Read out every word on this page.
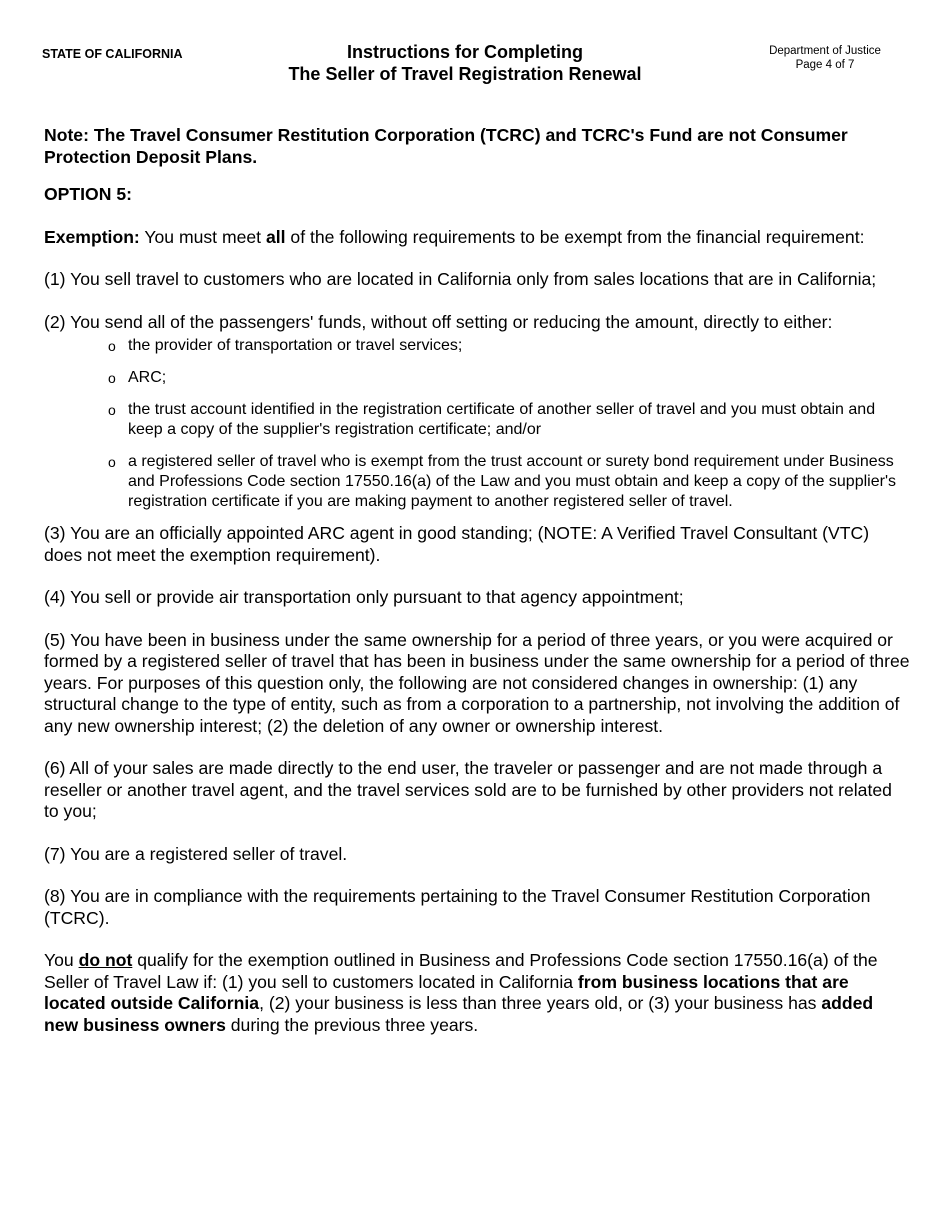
STATE OF CALIFORNIA	Instructions for Completing
The Seller of Travel Registration Renewal
Department of Justice
Page 4 of 7

Note: The Travel Consumer Restitution Corporation (TCRC) and TCRC's Fund are not Consumer Protection Deposit Plans.

OPTION 5:

Exemption: You must meet all of the following requirements to be exempt from the financial requirement:

(1) You sell travel to customers who are located in California only from sales locations that are in California;

(2) You send all of the passengers' funds, without off setting or reducing the amount, directly to either:

o the provider of transportation or travel services;
o ARC;
o the trust account identified in the registration certificate of another seller of travel and you must obtain and keep a copy of the supplier's registration certificate; and/or
o a registered seller of travel who is exempt from the trust account or surety bond requirement under Business and Professions Code section 17550.16(a) of the Law and you must obtain and keep a copy of the supplier's registration certificate if you are making payment to another registered seller of travel.

(3) You are an officially appointed ARC agent in good standing; (NOTE: A Verified Travel Consultant (VTC) does not meet the exemption requirement).

(4) You sell or provide air transportation only pursuant to that agency appointment;

(5) You have been in business under the same ownership for a period of three years, or you were acquired or formed by a registered seller of travel that has been in business under the same ownership for a period of three years. For purposes of this question only, the following are not considered changes in ownership: (1) any structural change to the type of entity, such as from a corporation to a partnership, not involving the addition of any new ownership interest; (2) the deletion of any owner or ownership interest.

(6) All of your sales are made directly to the end user, the traveler or passenger and are not made through a reseller or another travel agent, and the travel services sold are to be furnished by other providers not related to you;

(7) You are a registered seller of travel.

(8) You are in compliance with the requirements pertaining to the Travel Consumer Restitution Corporation (TCRC).

You do not qualify for the exemption outlined in Business and Professions Code section 17550.16(a) of the Seller of Travel Law if: (1) you sell to customers located in California from business locations that are located outside California, (2) your business is less than three years old, or (3) your business has added new business owners during the previous three years.
